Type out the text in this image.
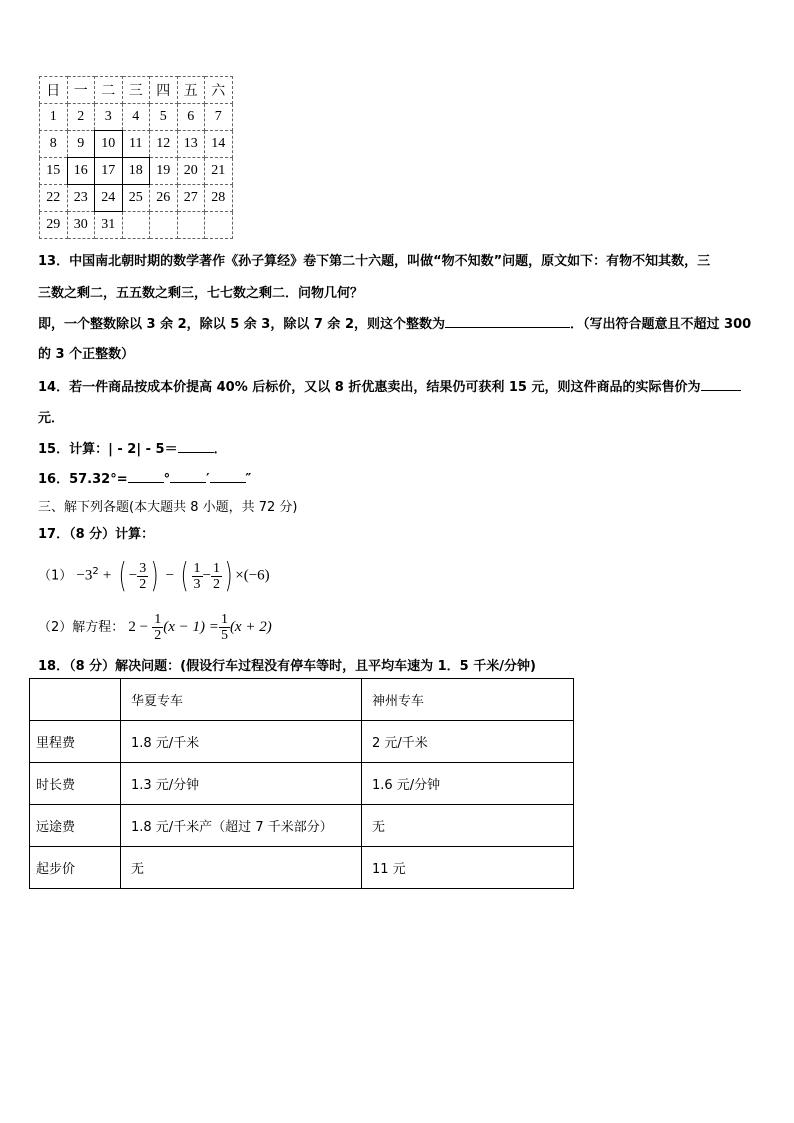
日	一	二	三	四	五	六
1	2	3	4	5	6	7
8	9	10	11	12	13	14
15	16	17	18	19	20	21
22	23	24	25	26	27	28
29	30	31				
13．中国南北朝时期的数学著作《孙子算经》卷下第二十六题，叫做“物不知数”问题，原文如下：有物不知其数，三
三数之剩二，五五数之剩三，七七数之剩二．问物几何？
即，一个整数除以 3 余 2，除以 5 余 3，除以 7 余 2，则这个整数为	．（写出符合题意且不超过 300
的 3 个正整数）
14．若一件商品按成本价提高 40% 后标价，又以 8 折优惠卖出，结果仍可获利 15 元，则这件商品的实际售价为
元．
15．计算：| - 2| - 5＝	．
16．57.32°=	°	′	″
三、解下列各题(本大题共 8 小题，共 72 分)
17．（8 分）计算：
$(1) -3^2$ + ( − $\frac{3}{2}$ ) − ( $\frac{1}{3} - \frac{1}{2}$ ) ×(−6)
（2）解方程： $2 - \frac{1}{2} (x - 1) = \frac{1}{5} (x + 2)$
18．（8 分）解决问题：(假设行车过程没有停车等时，且平均车速为 1．5 千米/分钟)
	华夏专车	神州专车
里程费	1.8 元/千米	2 元/千米
时长费	1.3 元/分钟	1.6 元/分钟
远途费	1.8 元/千米产（超过 7 千米部分）	无
起步价	无	11 元
